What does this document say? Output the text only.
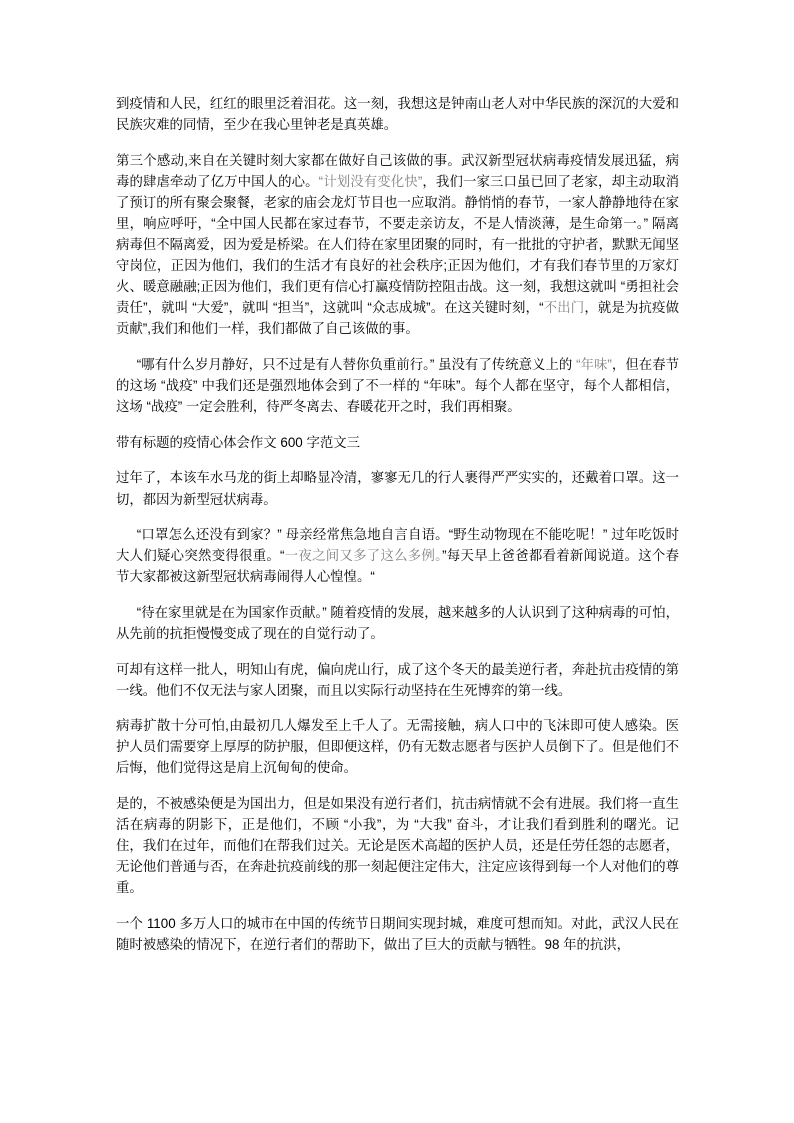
到疫情和人民，红红的眼里泛着泪花。这一刻，我想这是钟南山老人对中华民族的深沉的大爱和民族灾难的同情，至少在我心里钟老是真英雄。

第三个感动,来自在关键时刻大家都在做好自己该做的事。武汉新型冠状病毒疫情发展迅猛，病毒的肆虐牵动了亿万中国人的心。“计划没有变化快”，我们一家三口虽已回了老家，却主动取消了预订的所有聚会聚餐，老家的庙会龙灯节目也一应取消。静悄悄的春节，一家人静静地待在家里，响应呼吁，“全中国人民都在家过春节，不要走亲访友，不是人情淡薄，是生命第一。” 隔离病毒但不隔离爱，因为爱是桥梁。在人们待在家里团聚的同时，有一批批的守护者，默默无闻坚守岗位，正因为他们，我们的生活才有良好的社会秩序;正因为他们，才有我们春节里的万家灯火、暖意融融;正因为他们，我们更有信心打赢疫情防控阻击战。这一刻，我想这就叫 “勇担社会责任”，就叫 “大爱”，就叫 “担当”，这就叫 “众志成城”。在这关键时刻，“不出门，就是为抗疫做贡献”,我们和他们一样，我们都做了自己该做的事。

“哪有什么岁月静好，只不过是有人替你负重前行。” 虽没有了传统意义上的 “年味”，但在春节的这场 “战疫” 中我们还是强烈地体会到了不一样的 “年味”。每个人都在坚守，每个人都相信，这场 “战疫” 一定会胜利，待严冬离去、春暖花开之时，我们再相聚。

带有标题的疫情心体会作文 600 字范文三

过年了，本该车水马龙的街上却略显冷清，寥寥无几的行人裹得严严实实的，还戴着口罩。这一切，都因为新型冠状病毒。

“口罩怎么还没有到家？” 母亲经常焦急地自言自语。“野生动物现在不能吃呢！” 过年吃饭时大人们疑心突然变得很重。“一夜之间又多了这么多例。”每天早上爸爸都看着新闻说道。这个春节大家都被这新型冠状病毒闹得人心惶惶。“

“待在家里就是在为国家作贡献。” 随着疫情的发展，越来越多的人认识到了这种病毒的可怕，从先前的抗拒慢慢变成了现在的自觉行动了。

可却有这样一批人，明知山有虎，偏向虎山行，成了这个冬天的最美逆行者，奔赴抗击疫情的第一线。他们不仅无法与家人团聚，而且以实际行动坚持在生死博弈的第一线。

病毒扩散十分可怕,由最初几人爆发至上千人了。无需接触，病人口中的飞沫即可使人感染。医护人员们需要穿上厚厚的防护服，但即便这样，仍有无数志愿者与医护人员倒下了。但是他们不后悔，他们觉得这是肩上沉甸甸的使命。

是的，不被感染便是为国出力，但是如果没有逆行者们，抗击病情就不会有进展。我们将一直生活在病毒的阴影下，正是他们，不顾 “小我”，为 “大我” 奋斗，才让我们看到胜利的曙光。记住，我们在过年，而他们在帮我们过关。无论是医术高超的医护人员，还是任劳任怨的志愿者，无论他们普通与否，在奔赴抗疫前线的那一刻起便注定伟大，注定应该得到每一个人对他们的尊重。

一个 1100 多万人口的城市在中国的传统节日期间实现封城，难度可想而知。对此，武汉人民在随时被感染的情况下，在逆行者们的帮助下，做出了巨大的贡献与牺牲。98 年的抗洪，
